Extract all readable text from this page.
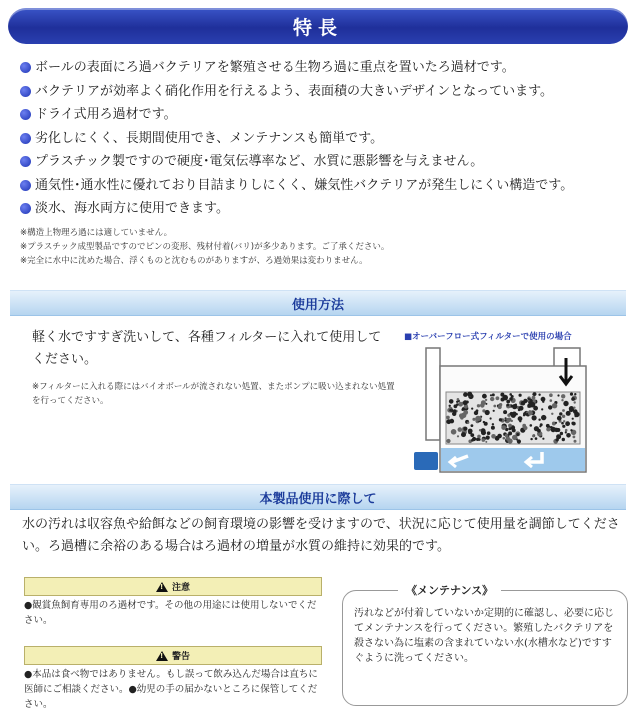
特長
ボールの表面にろ過バクテリアを繁殖させる生物ろ過に重点を置いたろ過材です。
バクテリアが効率よく硝化作用を行えるよう、表面積の大きいデザインとなっています。
ドライ式用ろ過材です。
劣化しにくく、長期間使用でき、メンテナンスも簡単です。
プラスチック製ですので硬度･電気伝導率など、水質に悪影響を与えません。
通気性･通水性に優れており目詰まりしにくく、嫌気性バクテリアが発生しにくい構造です。
淡水、海水両方に使用できます。
※構造上物理ろ過には適していません。
※プラスチック成型製品ですのでピンの変形、残材付着(バリ)が多少あります。ご了承ください。
※完全に水中に沈めた場合、浮くものと沈むものがありますが、ろ過効果は変わりません。
使用方法
軽く水ですすぎ洗いして、各種フィルターに入れて使用してください。
※フィルターに入れる際にはバイオボールが流されない処置、またポンプに吸い込まれない処置を行ってください。
■オーバーフロー式フィルターで使用の場合
本製品使用に際して
水の汚れは収容魚や給餌などの飼育環境の影響を受けますので、状況に応じて使用量を調節してください。ろ過槽に余裕のある場合はろ過材の増量が水質の維持に効果的です。
! 注意
●観賞魚飼育専用のろ過材です。その他の用途には使用しないでください。
! 警告
●本品は食べ物ではありません。もし誤って飲み込んだ場合は直ちに医師にご相談ください。●幼児の手の届かないところに保管してください。
《メンテナンス》
汚れなどが付着していないか定期的に確認し、必要に応じてメンテナンスを行ってください。繁殖したバクテリアを殺さない為に塩素の含まれていない水(水槽水など)ですすぐように洗ってください。
